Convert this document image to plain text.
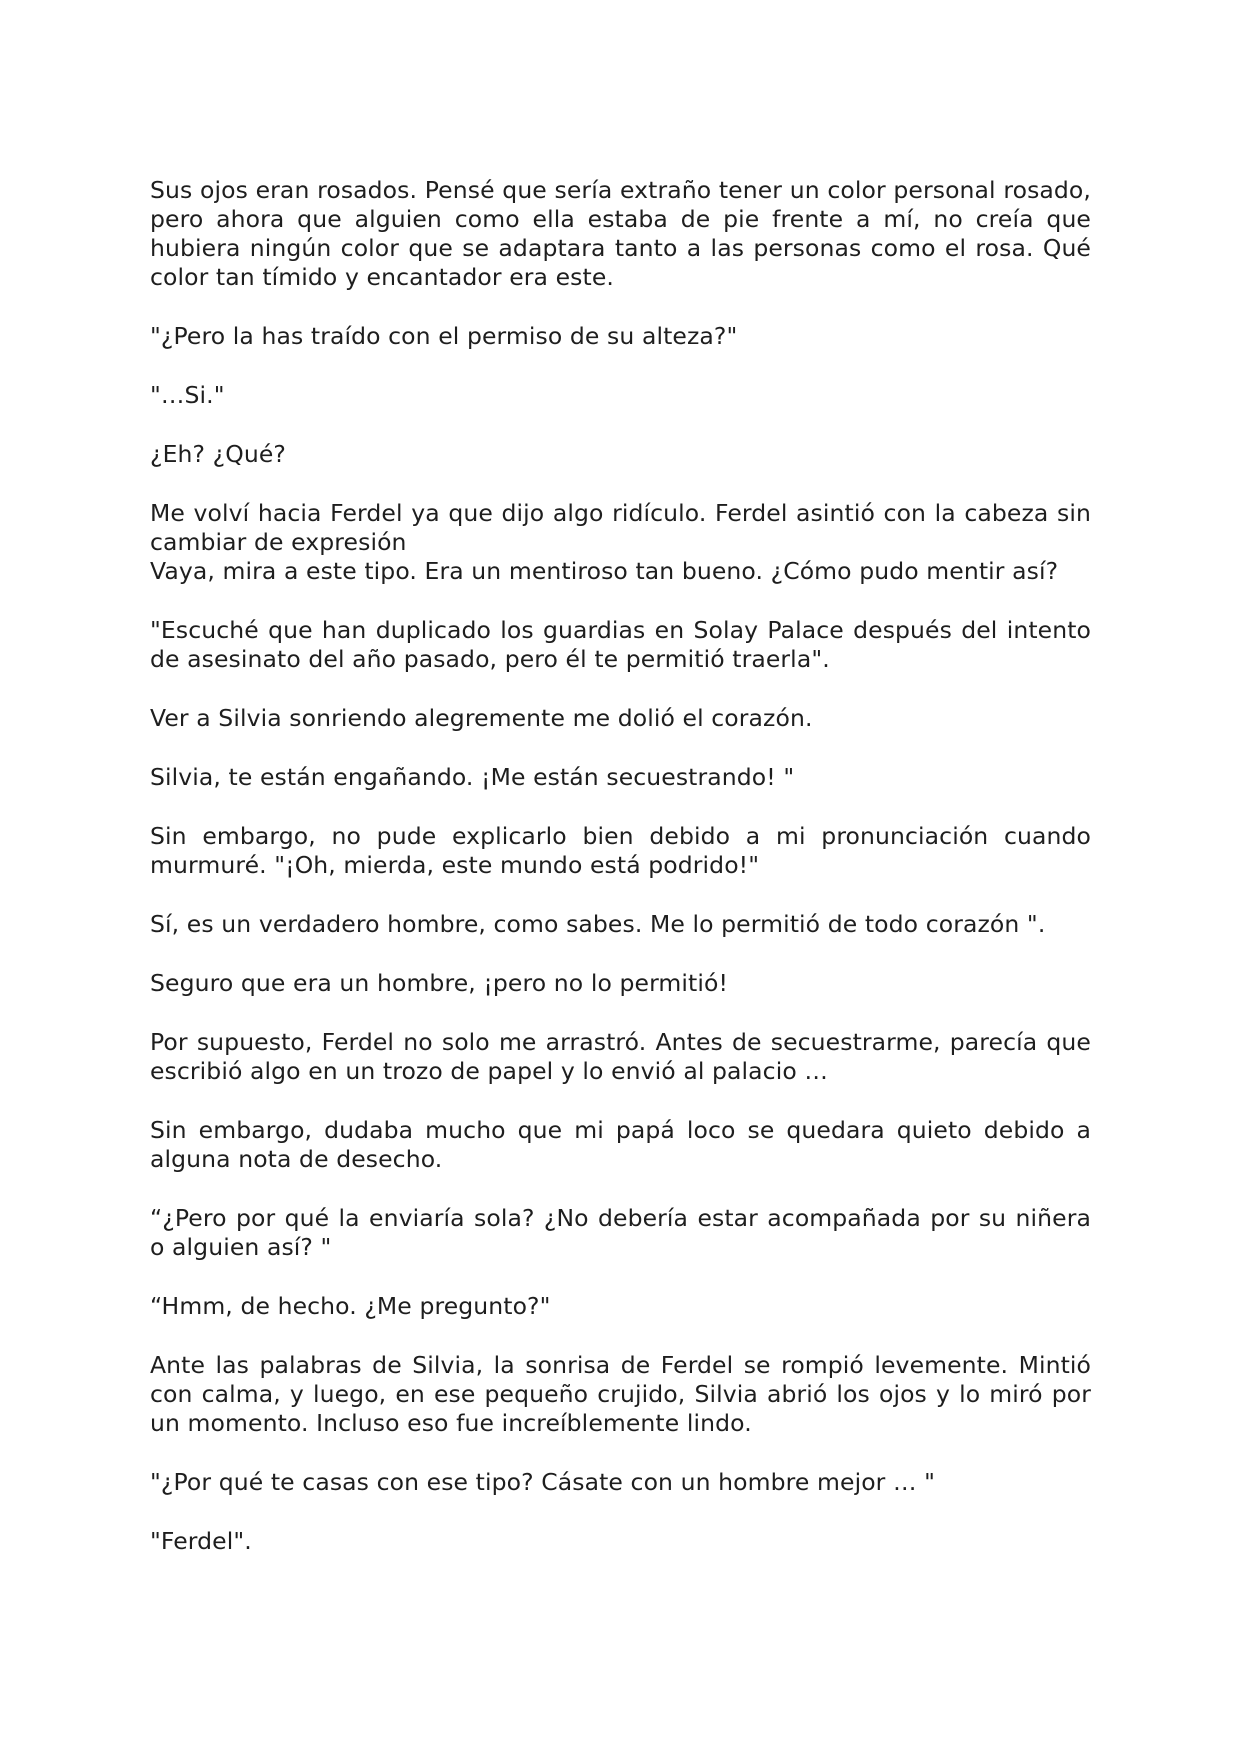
Sus ojos eran rosados. Pensé que sería extraño tener un color personal rosado, pero ahora que alguien como ella estaba de pie frente a mí, no creía que hubiera ningún color que se adaptara tanto a las personas como el rosa. Qué color tan tímido y encantador era este.

"¿Pero la has traído con el permiso de su alteza?"

"…Si."

¿Eh? ¿Qué?

Me volví hacia Ferdel ya que dijo algo ridículo. Ferdel asintió con la cabeza sin cambiar de expresión
Vaya, mira a este tipo. Era un mentiroso tan bueno. ¿Cómo pudo mentir así?

"Escuché que han duplicado los guardias en Solay Palace después del intento de asesinato del año pasado, pero él te permitió traerla".

Ver a Silvia sonriendo alegremente me dolió el corazón.

Silvia, te están engañando. ¡Me están secuestrando! "

Sin embargo, no pude explicarlo bien debido a mi pronunciación cuando murmuré. "¡Oh, mierda, este mundo está podrido!"

Sí, es un verdadero hombre, como sabes. Me lo permitió de todo corazón ".

Seguro que era un hombre, ¡pero no lo permitió!

Por supuesto, Ferdel no solo me arrastró. Antes de secuestrarme, parecía que escribió algo en un trozo de papel y lo envió al palacio …

Sin embargo, dudaba mucho que mi papá loco se quedara quieto debido a alguna nota de desecho.

“¿Pero por qué la enviaría sola? ¿No debería estar acompañada por su niñera o alguien así? "

“Hmm, de hecho. ¿Me pregunto?"

Ante las palabras de Silvia, la sonrisa de Ferdel se rompió levemente. Mintió con calma, y luego, en ese pequeño crujido, Silvia abrió los ojos y lo miró por un momento. Incluso eso fue increíblemente lindo.

"¿Por qué te casas con ese tipo? Cásate con un hombre mejor … "

"Ferdel".
